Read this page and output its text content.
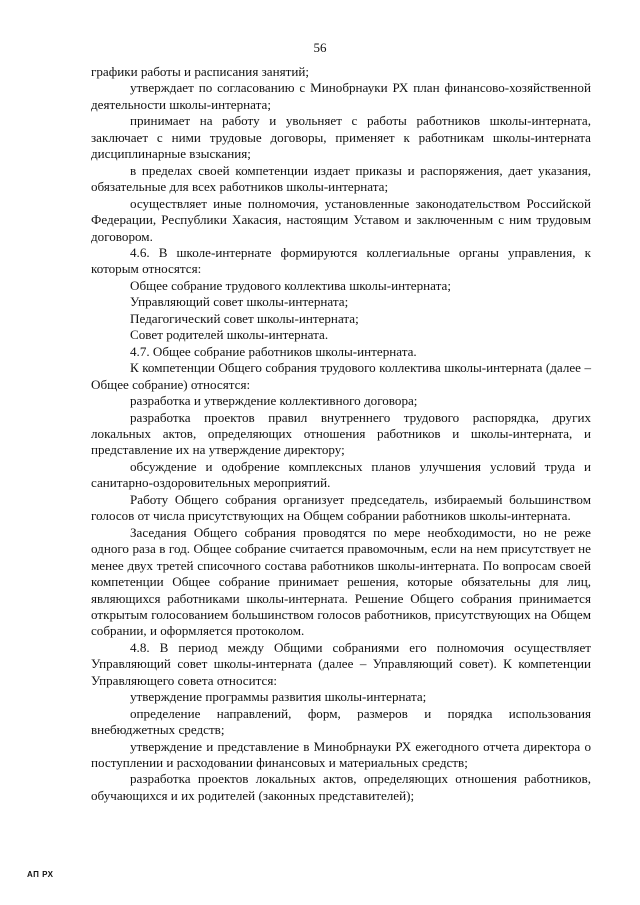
56

графики работы и расписания занятий;

утверждает по согласованию с Минобрнауки РХ план финансово-хозяйственной деятельности школы-интерната;

принимает на работу и увольняет с работы работников школы-интерната, заключает с ними трудовые договоры, применяет к работникам школы-интерната дисциплинарные взыскания;

в пределах своей компетенции издает приказы и распоряжения, дает указания, обязательные для всех работников школы-интерната;

осуществляет иные полномочия, установленные законодательством Российской Федерации, Республики Хакасия, настоящим Уставом и заключенным с ним трудовым договором.

4.6. В школе-интернате формируются коллегиальные органы управления, к которым относятся:

Общее собрание трудового коллектива школы-интерната;

Управляющий совет школы-интерната;

Педагогический совет школы-интерната;

Совет родителей школы-интерната.

4.7. Общее собрание работников школы-интерната.

К компетенции Общего собрания трудового коллектива школы-интерната (далее – Общее собрание) относятся:

разработка и утверждение коллективного договора;

разработка проектов правил внутреннего трудового распорядка, других локальных актов, определяющих отношения работников и школы-интерната, и представление их на утверждение директору;

обсуждение и одобрение комплексных планов улучшения условий труда и санитарно-оздоровительных мероприятий.

Работу Общего собрания организует председатель, избираемый большинством голосов от числа присутствующих на Общем собрании работников школы-интерната.

Заседания Общего собрания проводятся по мере необходимости, но не реже одного раза в год. Общее собрание считается правомочным, если на нем присутствует не менее двух третей списочного состава работников школы-интерната. По вопросам своей компетенции Общее собрание принимает решения, которые обязательны для лиц, являющихся работниками школы-интерната. Решение Общего собрания принимается открытым голосованием большинством голосов работников, присутствующих на Общем собрании, и оформляется протоколом.

4.8. В период между Общими собраниями его полномочия осуществляет Управляющий совет школы-интерната (далее – Управляющий совет). К компетенции Управляющего совета относится:

утверждение программы развития школы-интерната;

определение направлений, форм, размеров и порядка использования внебюджетных средств;

утверждение и представление в Минобрнауки РХ ежегодного отчета директора о поступлении и расходовании финансовых и материальных средств;

разработка проектов локальных актов, определяющих отношения работников, обучающихся и их родителей (законных представителей);

АП РХ
